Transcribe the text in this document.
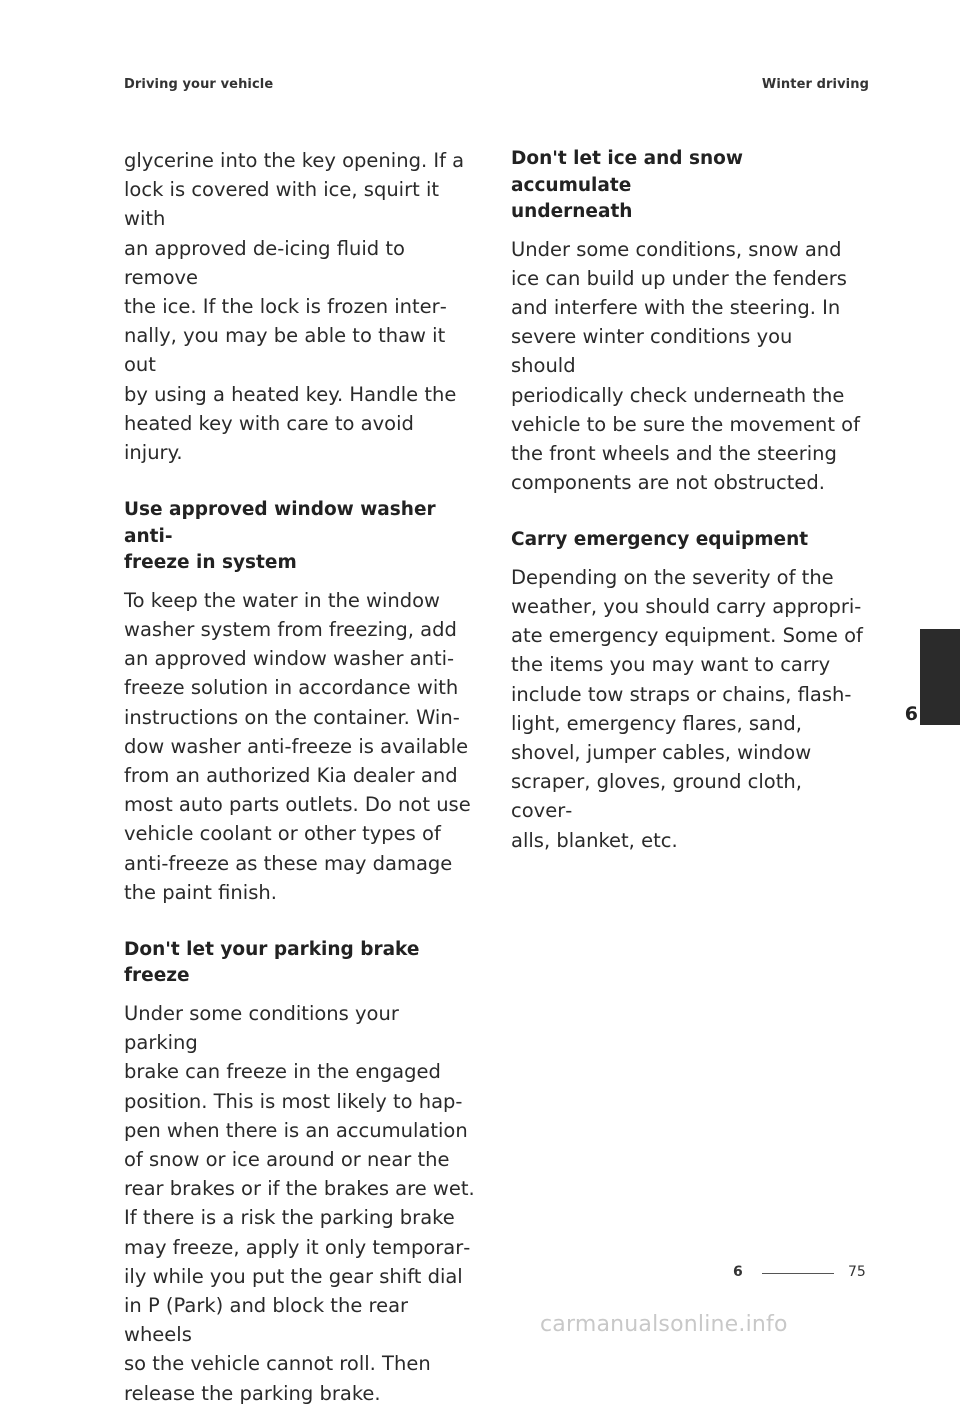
Driving your vehicle	Winter driving

glycerine into the key opening. If a
lock is covered with ice, squirt it with
an approved de-icing fluid to remove
the ice. If the lock is frozen inter‐
nally, you may be able to thaw it out
by using a heated key. Handle the
heated key with care to avoid injury.

Use approved window washer anti-
freeze in system

To keep the water in the window
washer system from freezing, add
an approved window washer anti-
freeze solution in accordance with
instructions on the container. Win‐
dow washer anti-freeze is available
from an authorized Kia dealer and
most auto parts outlets. Do not use
vehicle coolant or other types of
anti-freeze as these may damage
the paint finish.

Don't let your parking brake freeze

Under some conditions your parking
brake can freeze in the engaged
position. This is most likely to hap‐
pen when there is an accumulation
of snow or ice around or near the
rear brakes or if the brakes are wet.
If there is a risk the parking brake
may freeze, apply it only temporar‐
ily while you put the gear shift dial
in P (Park) and block the rear wheels
so the vehicle cannot roll. Then
release the parking brake.

Don't let ice and snow accumulate
underneath

Under some conditions, snow and
ice can build up under the fenders
and interfere with the steering. In
severe winter conditions you should
periodically check underneath the
vehicle to be sure the movement of
the front wheels and the steering
components are not obstructed.

Carry emergency equipment

Depending on the severity of the
weather, you should carry appropri‐
ate emergency equipment. Some of
the items you may want to carry
include tow straps or chains, flash‐
light, emergency flares, sand,
shovel, jumper cables, window
scraper, gloves, ground cloth, cover‐
alls, blanket, etc.

6
6	75
carmanualsonline.info
